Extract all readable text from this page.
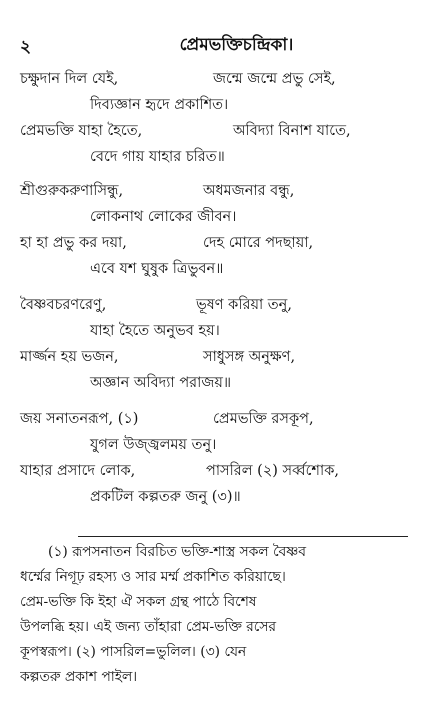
২	প্রেমভক্তিচন্দ্রিকা।
চক্ষুদান দিল যেই,	জন্মে জন্মে প্রভু সেই,
দিব্যজ্ঞান হৃদে প্রকাশিত।
প্রেমভক্তি যাহা হৈতে,	অবিদ্যা বিনাশ যাতে,
বেদে গায় যাহার চরিত॥
শ্রীগুরুকরুণাসিন্ধু,	অধমজনার বন্ধু,
লোকনাথ লোকের জীবন।
হা হা প্রভু কর দয়া,	দেহ মোরে পদছায়া,
এবে যশ ঘুষুক ত্রিভুবন॥
বৈষ্ণবচরণরেণু,	ভূষণ করিয়া তনু,
যাহা হৈতে অনুভব হয়।
মার্জ্জন হয় ভজন,	সাধুসঙ্গ অনুক্ষণ,
অজ্ঞান অবিদ্যা পরাজয়॥
জয় সনাতনরূপ, (১)	প্রেমভক্তি রসকূপ,
যুগল উজ্জ্বলময় তনু।
যাহার প্রসাদে লোক,	পাসরিল (২) সর্ব্বশোক,
প্রকটিল কল্পতরু জনু (৩)॥
(১) রূপসনাতন বিরচিত ভক্তি-শাস্ত্র সকল বৈষ্ণব
ধর্ম্মের নিগূঢ় রহস্য ও সার মর্ম্ম প্রকাশিত করিয়াছে।
প্রেম-ভক্তি কি ইহা ঐ সকল গ্রন্থ পাঠে বিশেষ
উপলব্ধি হয়। এই জন্য তাঁহারা প্রেম-ভক্তি রসের
কূপস্বরূপ। (২) পাসরিল=ভুলিল। (৩) যেন
কল্পতরু প্রকাশ পাইল।
